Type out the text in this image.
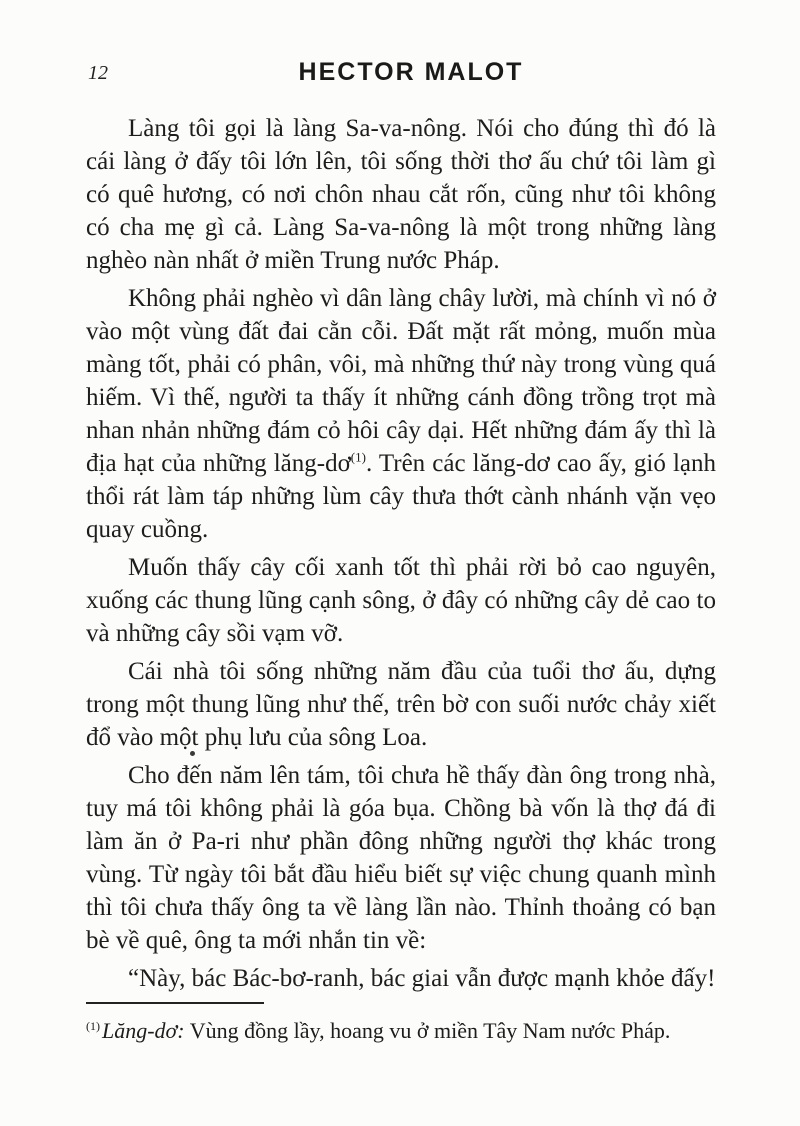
12	HECTOR MALOT

Làng tôi gọi là làng Sa-va-nông. Nói cho đúng thì đó là cái làng ở đấy tôi lớn lên, tôi sống thời thơ ấu chứ tôi làm gì có quê hương, có nơi chôn nhau cắt rốn, cũng như tôi không có cha mẹ gì cả. Làng Sa-va-nông là một trong những làng nghèo nàn nhất ở miền Trung nước Pháp.

Không phải nghèo vì dân làng chây lười, mà chính vì nó ở vào một vùng đất đai cằn cỗi. Đất mặt rất mỏng, muốn mùa màng tốt, phải có phân, vôi, mà những thứ này trong vùng quá hiếm. Vì thế, người ta thấy ít những cánh đồng trồng trọt mà nhan nhản những đám cỏ hôi cây dại. Hết những đám ấy thì là địa hạt của những lăng-dơ$^{(1)}$. Trên các lăng-dơ cao ấy, gió lạnh thổi rát làm táp những lùm cây thưa thớt cành nhánh vặn vẹo quay cuồng.

Muốn thấy cây cối xanh tốt thì phải rời bỏ cao nguyên, xuống các thung lũng cạnh sông, ở đây có những cây dẻ cao to và những cây sồi vạm vỡ.

Cái nhà tôi sống những năm đầu của tuổi thơ ấu, dựng trong một thung lũng như thế, trên bờ con suối nước chảy xiết đổ vào một phụ lưu của sông Loa.

Cho đến năm lên tám, tôi chưa hề thấy đàn ông trong nhà, tuy má tôi không phải là góa bụa. Chồng bà vốn là thợ đá đi làm ăn ở Pa-ri như phần đông những người thợ khác trong vùng. Từ ngày tôi bắt đầu hiểu biết sự việc chung quanh mình thì tôi chưa thấy ông ta về làng lần nào. Thỉnh thoảng có bạn bè về quê, ông ta mới nhắn tin về:

“Này, bác Bác-bơ-ranh, bác giai vẫn được mạnh khỏe đấy!

$^{(1)}$Lăng-dơ: Vùng đồng lầy, hoang vu ở miền Tây Nam nước Pháp.
